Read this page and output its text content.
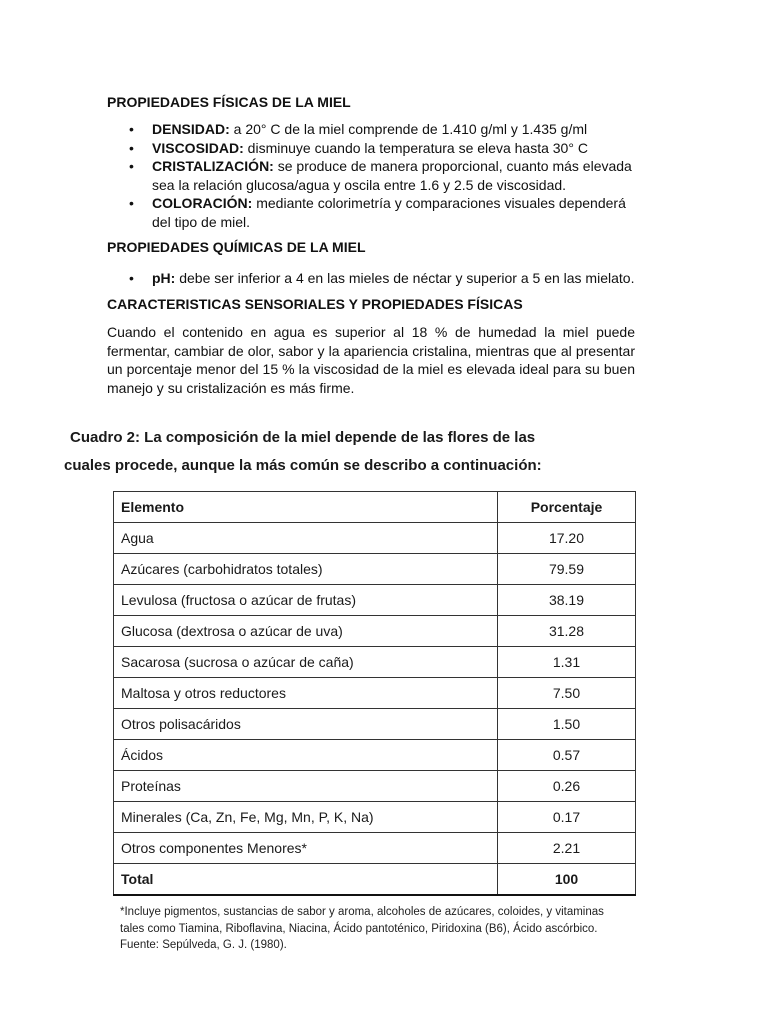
PROPIEDADES FÍSICAS DE LA MIEL
• DENSIDAD: a 20° C de la miel comprende de 1.410 g/ml y 1.435 g/ml
• VISCOSIDAD: disminuye cuando la temperatura se eleva hasta 30° C
• CRISTALIZACIÓN: se produce de manera proporcional, cuanto más elevada sea la relación glucosa/agua y oscila entre 1.6 y 2.5 de viscosidad.
• COLORACIÓN: mediante colorimetría y comparaciones visuales dependerá del tipo de miel.
PROPIEDADES QUÍMICAS DE LA MIEL
• pH: debe ser inferior a 4 en las mieles de néctar y superior a 5 en las mielato.
CARACTERISTICAS SENSORIALES Y PROPIEDADES FÍSICAS

Cuando el contenido en agua es superior al 18 % de humedad la miel puede fermentar, cambiar de olor, sabor y la apariencia cristalina, mientras que al presentar un porcentaje menor del 15 % la viscosidad de la miel es elevada ideal para su buen manejo y su cristalización es más firme.

Cuadro 2: La composición de la miel depende de las flores de las
cuales procede, aunque la más común se describo a continuación:
Elemento	Porcentaje
Agua	17.20
Azúcares (carbohidratos totales)	79.59
Levulosa (fructosa o azúcar de frutas)	38.19
Glucosa (dextrosa o azúcar de uva)	31.28
Sacarosa (sucrosa o azúcar de caña)	1.31
Maltosa y otros reductores	7.50
Otros polisacáridos	1.50
Ácidos	0.57
Proteínas	0.26
Minerales (Ca, Zn, Fe, Mg, Mn, P, K, Na)	0.17
Otros componentes Menores*	2.21
Total	100
*Incluye pigmentos, sustancias de sabor y aroma, alcoholes de azúcares, coloides, y vitaminas
tales como Tiamina, Riboflavina, Niacina, Ácido pantoténico, Piridoxina (B6), Ácido ascórbico.
Fuente: Sepúlveda, G. J. (1980).
